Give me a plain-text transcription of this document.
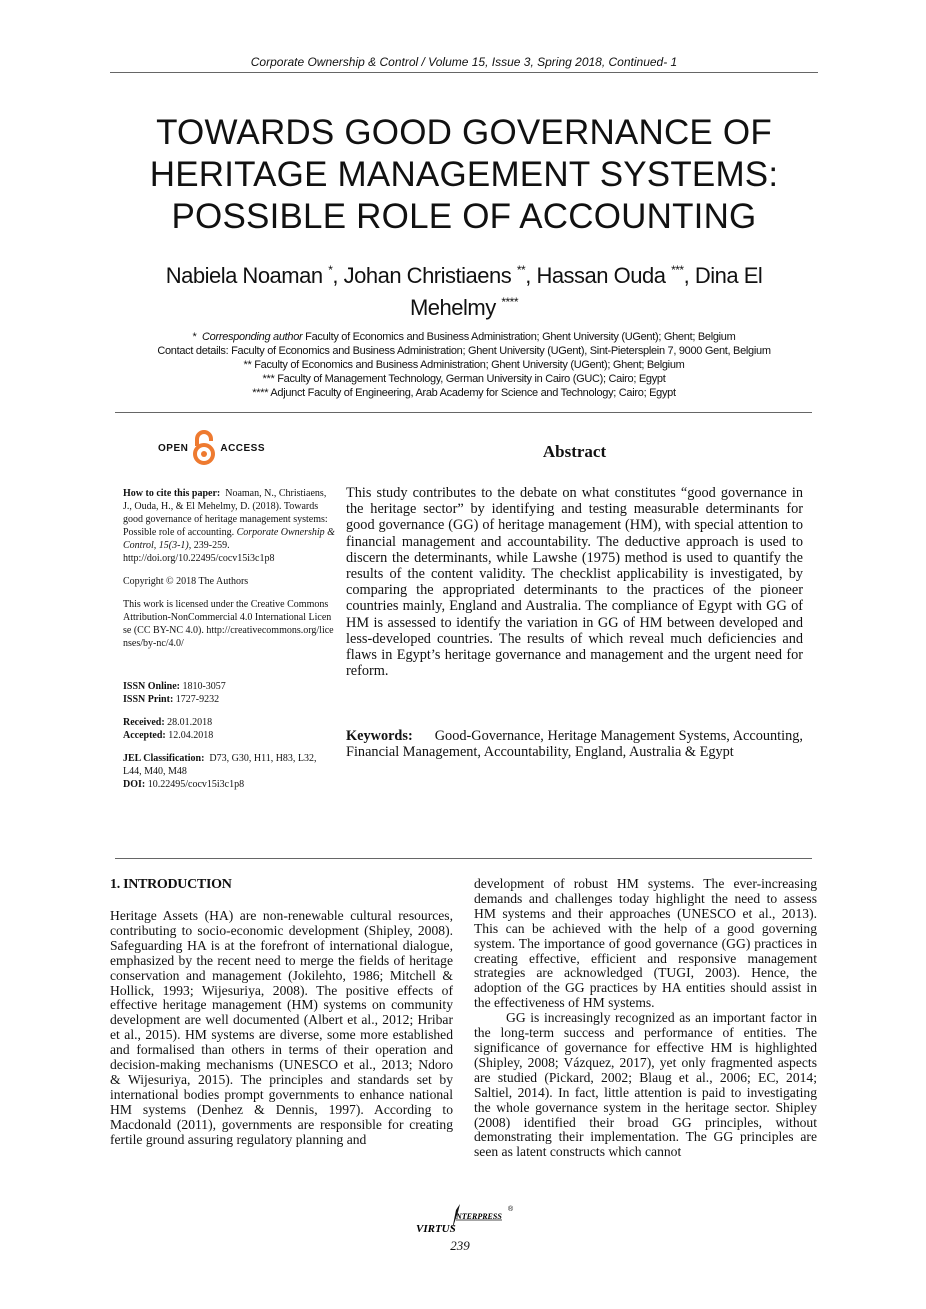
Corporate Ownership & Control / Volume 15, Issue 3, Spring 2018, Continued- 1
TOWARDS GOOD GOVERNANCE OF
HERITAGE MANAGEMENT SYSTEMS:
POSSIBLE ROLE OF ACCOUNTING
Nabiela Noaman *, Johan Christiaens **, Hassan Ouda ***, Dina El Mehelmy ****
* Corresponding author Faculty of Economics and Business Administration; Ghent University (UGent); Ghent; Belgium
Contact details: Faculty of Economics and Business Administration; Ghent University (UGent), Sint-Pietersplein 7, 9000 Gent, Belgium
** Faculty of Economics and Business Administration; Ghent University (UGent); Ghent; Belgium
*** Faculty of Management Technology, German University in Cairo (GUC); Cairo; Egypt
**** Adjunct Faculty of Engineering, Arab Academy for Science and Technology; Cairo; Egypt
OPEN	ACCESS

How to cite this paper: Noaman, N., Christiaens, J., Ouda, H., & El Mehelmy, D. (2018). Towards good governance of heritage management systems: Possible role of accounting. Corporate Ownership & Control, 15(3-1), 239-259. http://doi.org/10.22495/cocv15i3c1p8

Copyright © 2018 The Authors

This work is licensed under the Creative Commons Attribution-NonCommercial 4.0 International License (CC BY-NC 4.0). http://creativecommons.org/licenses/by-nc/4.0/

ISSN Online: 1810-3057
ISSN Print: 1727-9232

Received: 28.01.2018
Accepted: 12.04.2018

JEL Classification: D73, G30, H11, H83, L32, L44, M40, M48
DOI: 10.22495/cocv15i3c1p8

Abstract
This study contributes to the debate on what constitutes “good governance in the heritage sector” by identifying and testing measurable determinants for good governance (GG) of heritage management (HM), with special attention to financial management and accountability. The deductive approach is used to discern the determinants, while Lawshe (1975) method is used to quantify the results of the content validity. The checklist applicability is investigated, by comparing the appropriated determinants to the practices of the pioneer countries mainly, England and Australia. The compliance of Egypt with GG of HM is assessed to identify the variation in GG of HM between developed and less-developed countries. The results of which reveal much deficiencies and flaws in Egypt’s heritage governance and management and the urgent need for reform.
Keywords: Good-Governance, Heritage Management Systems, Accounting, Financial Management, Accountability, England, Australia & Egypt
1. INTRODUCTION

Heritage Assets (HA) are non-renewable cultural resources, contributing to socio-economic development (Shipley, 2008). Safeguarding HA is at the forefront of international dialogue, emphasized by the recent need to merge the fields of heritage conservation and management (Jokilehto, 1986; Mitchell & Hollick, 1993; Wijesuriya, 2008). The positive effects of effective heritage management (HM) systems on community development are well documented (Albert et al., 2012; Hribar et al., 2015). HM systems are diverse, some more established and formalised than others in terms of their operation and decision-making mechanisms (UNESCO et al., 2013; Ndoro & Wijesuriya, 2015). The principles and standards set by international bodies prompt governments to enhance national HM systems (Denhez & Dennis, 1997). According to Macdonald (2011), governments are responsible for creating fertile ground assuring regulatory planning and

development of robust HM systems. The ever-increasing demands and challenges today highlight the need to assess HM systems and their approaches (UNESCO et al., 2013). This can be achieved with the help of a good governing system. The importance of good governance (GG) practices in creating effective, efficient and responsive management strategies are acknowledged (TUGI, 2003). Hence, the adoption of the GG practices by HA entities should assist in the effectiveness of HM systems.

GG is increasingly recognized as an important factor in the long-term success and performance of entities. The significance of governance for effective HM is highlighted (Shipley, 2008; Vázquez, 2017), yet only fragmented aspects are studied (Pickard, 2002; Blaug et al., 2006; EC, 2014; Saltiel, 2014). In fact, little attention is paid to investigating the whole governance system in the heritage sector. Shipley (2008) identified their broad GG principles, without demonstrating their implementation. The GG principles are seen as latent constructs which cannot

NTERPRESS
®
VIRTUS
239
